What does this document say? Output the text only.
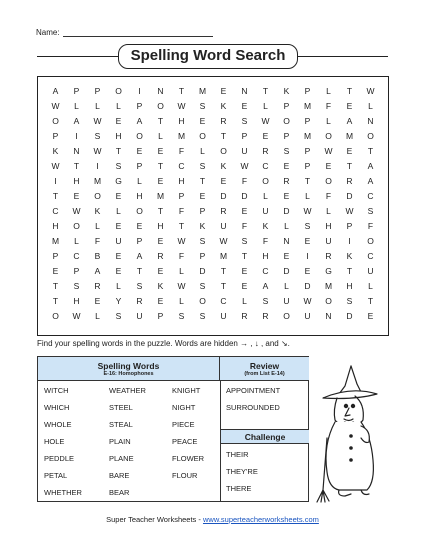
Name:
Spelling Word Search
A	P	P	O	I	N	T	M	E	N	T	K	P	L	T	W
W	L	L	L	P	O	W	S	K	E	L	P	M	F	E	L
O	A	W	E	A	T	H	E	R	S	W	O	P	L	A	N
P	I	S	H	O	L	M	O	T	P	E	P	M	O	M	O
K	N	W	T	E	E	F	L	O	U	R	S	P	W	E	T
W	T	I	S	P	T	C	S	K	W	C	E	P	E	T	A
I	H	M	G	L	E	H	T	E	F	O	R	T	O	R	A
T	E	O	E	H	M	P	E	D	D	L	E	L	F	D	C
C	W	K	L	O	T	F	P	R	E	U	D	W	L	W	S
H	O	L	E	E	H	T	K	U	F	K	L	S	H	P	F
M	L	F	U	P	E	W	S	W	S	F	N	E	U	I	O
P	C	B	E	A	R	F	P	M	T	H	E	I	R	K	C
E	P	A	E	T	E	L	D	T	E	C	D	E	G	T	U
T	S	R	L	S	K	W	S	T	E	A	L	D	M	H	L
T	H	E	Y	R	E	L	O	C	L	S	U	W	O	S	T
O	W	L	S	U	P	S	S	U	R	R	O	U	N	D	E
Find your spelling words in the puzzle. Words are hidden → , ↓ , and ↘.
Spelling Words
E-16: Homophones
Review
(from List E-14)
WITCH
WHICH
WHOLE
HOLE
PEDDLE
PETAL
WHETHER
WEATHER
STEEL
STEAL
PLAIN
PLANE
BARE
BEAR
KNIGHT
NIGHT
PIECE
PEACE
FLOWER
FLOUR
APPOINTMENT
SURROUNDED
Challenge
THEIR
THEY'RE
THERE
Super Teacher Worksheets - www.superteacherworksheets.com
